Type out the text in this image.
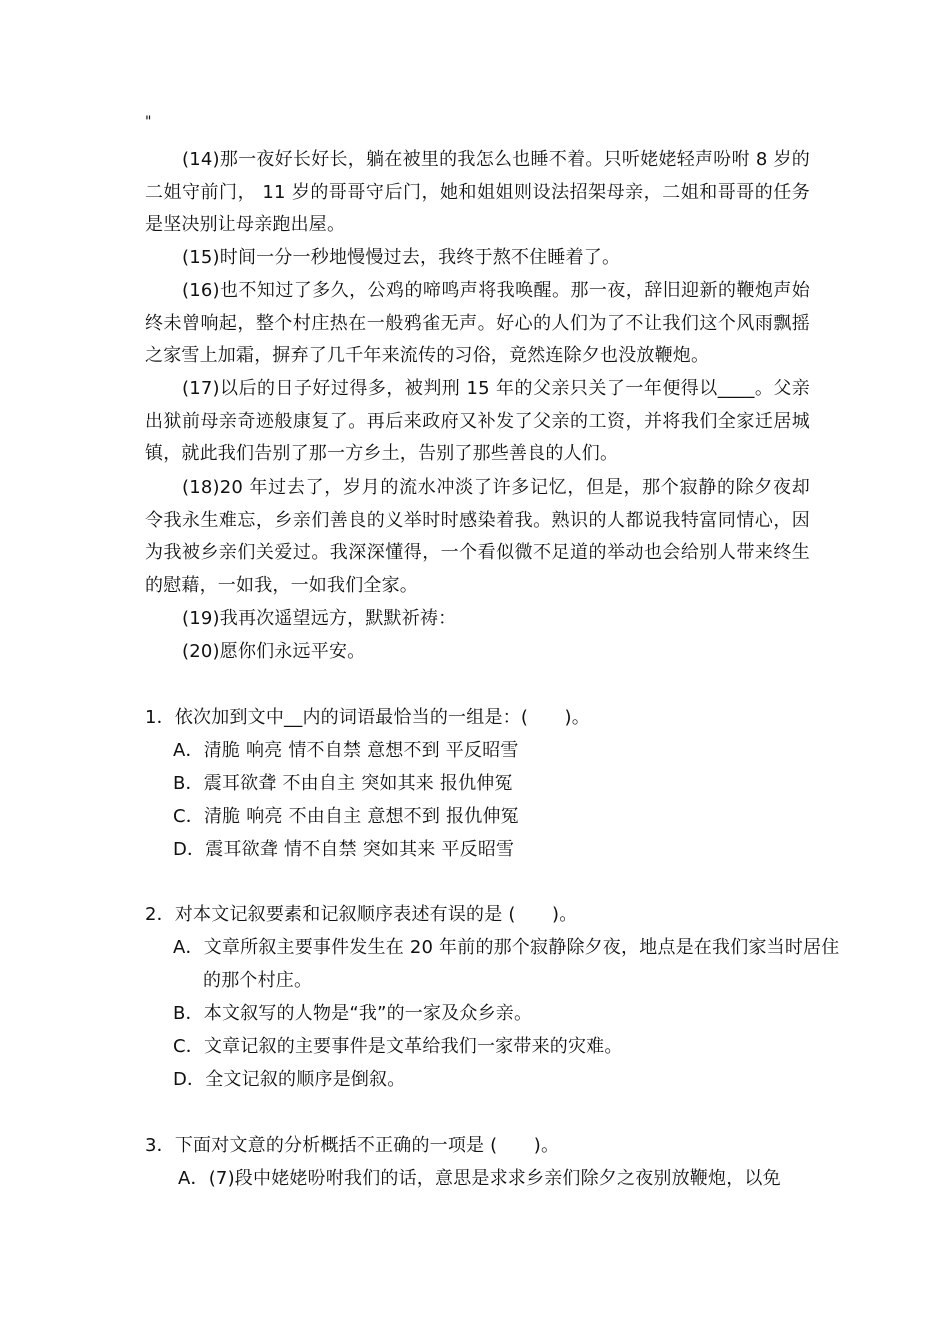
"

(14)那一夜好长好长，躺在被里的我怎么也睡不着。只听姥姥轻声吩咐 8 岁的二姐守前门， 11 岁的哥哥守后门，她和姐姐则设法招架母亲，二姐和哥哥的任务是坚决别让母亲跑出屋。

(15)时间一分一秒地慢慢过去，我终于熬不住睡着了。

(16)也不知过了多久，公鸡的啼鸣声将我唤醒。那一夜，辞旧迎新的鞭炮声始终未曾响起，整个村庄热在一般鸦雀无声。好心的人们为了不让我们这个风雨飘摇之家雪上加霜，摒弃了几千年来流传的习俗，竟然连除夕也没放鞭炮。

(17)以后的日子好过得多，被判刑 15 年的父亲只关了一年便得以____。父亲出狱前母亲奇迹般康复了。再后来政府又补发了父亲的工资，并将我们全家迁居城镇，就此我们告别了那一方乡土，告别了那些善良的人们。

(18)20 年过去了，岁月的流水冲淡了许多记忆，但是，那个寂静的除夕夜却令我永生难忘，乡亲们善良的义举时时感染着我。熟识的人都说我特富同情心，因为我被乡亲们关爱过。我深深懂得，一个看似微不足道的举动也会给别人带来终生的慰藉，一如我，一如我们全家。

(19)我再次遥望远方，默默祈祷：

(20)愿你们永远平安。

1．依次加到文中__内的词语最恰当的一组是：(　　)。

A．清脆 响亮 情不自禁 意想不到 平反昭雪

B．震耳欲聋 不由自主 突如其来 报仇伸冤

C．清脆 响亮 不由自主 意想不到 报仇伸冤

D．震耳欲聋 情不自禁 突如其来 平反昭雪

2．对本文记叙要素和记叙顺序表述有误的是 (　　)。

A．文章所叙主要事件发生在 20 年前的那个寂静除夕夜，地点是在我们家当时居住的那个村庄。

B．本文叙写的人物是“我”的一家及众乡亲。

C．文章记叙的主要事件是文革给我们一家带来的灾难。

D．全文记叙的顺序是倒叙。

3．下面对文意的分析概括不正确的一项是 (　　)。

A．(7)段中姥姥吩咐我们的话，意思是求求乡亲们除夕之夜别放鞭炮，以免
